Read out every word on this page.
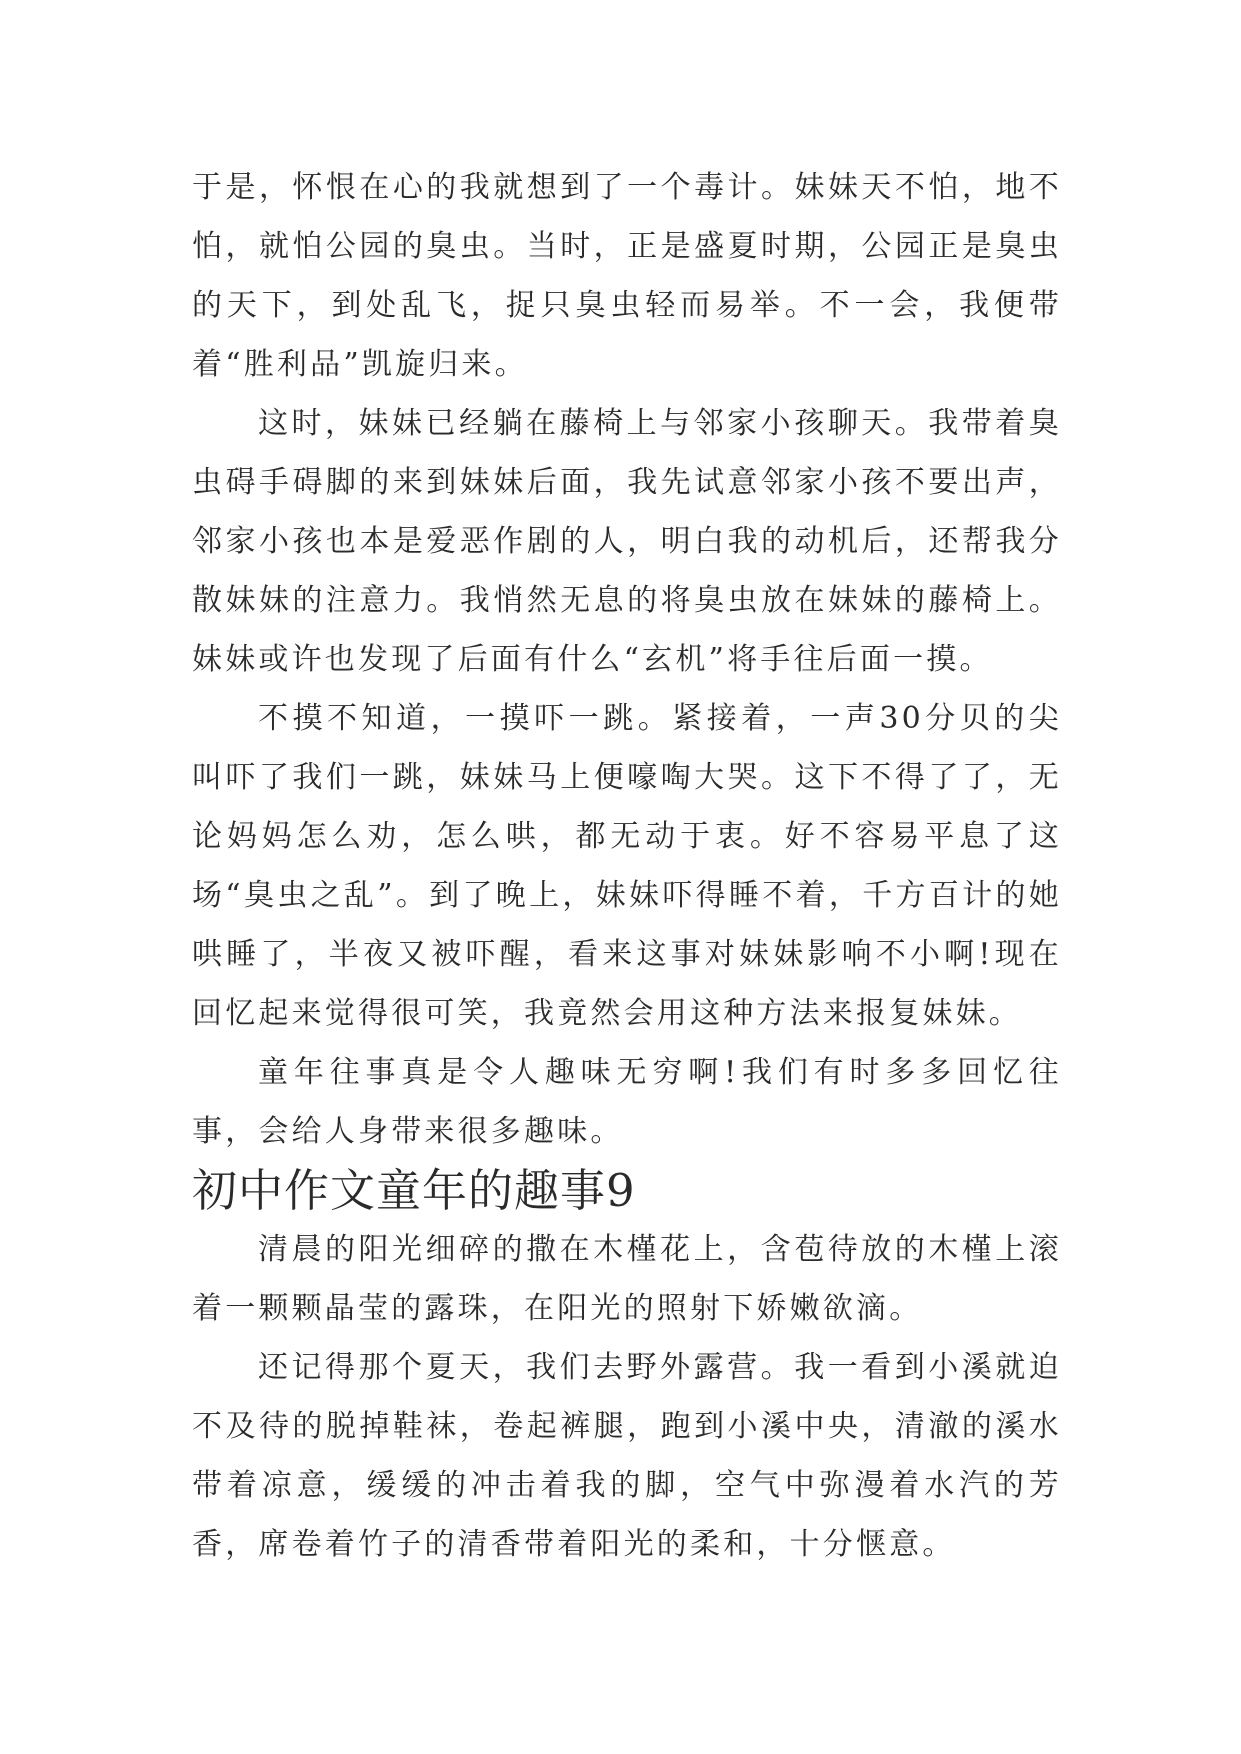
于是，怀恨在心的我就想到了一个毒计。妹妹天不怕，地不怕，就怕公园的臭虫。当时，正是盛夏时期，公园正是臭虫的天下，到处乱飞，捉只臭虫轻而易举。不一会，我便带着“胜利品”凯旋归来。

这时，妹妹已经躺在藤椅上与邻家小孩聊天。我带着臭虫碍手碍脚的来到妹妹后面，我先试意邻家小孩不要出声，邻家小孩也本是爱恶作剧的人，明白我的动机后，还帮我分散妹妹的注意力。我悄然无息的将臭虫放在妹妹的藤椅上。妹妹或许也发现了后面有什么“玄机”将手往后面一摸。

不摸不知道，一摸吓一跳。紧接着，一声30分贝的尖叫吓了我们一跳，妹妹马上便嚎啕大哭。这下不得了了，无论妈妈怎么劝，怎么哄，都无动于衷。好不容易平息了这场“臭虫之乱”。到了晚上，妹妹吓得睡不着，千方百计的她哄睡了，半夜又被吓醒，看来这事对妹妹影响不小啊!现在回忆起来觉得很可笑，我竟然会用这种方法来报复妹妹。

童年往事真是令人趣味无穷啊!我们有时多多回忆往事，会给人身带来很多趣味。

初中作文童年的趣事9

清晨的阳光细碎的撒在木槿花上，含苞待放的木槿上滚着一颗颗晶莹的露珠，在阳光的照射下娇嫩欲滴。

还记得那个夏天，我们去野外露营。我一看到小溪就迫不及待的脱掉鞋袜，卷起裤腿，跑到小溪中央，清澈的溪水带着凉意，缓缓的冲击着我的脚，空气中弥漫着水汽的芳香，席卷着竹子的清香带着阳光的柔和，十分惬意。
